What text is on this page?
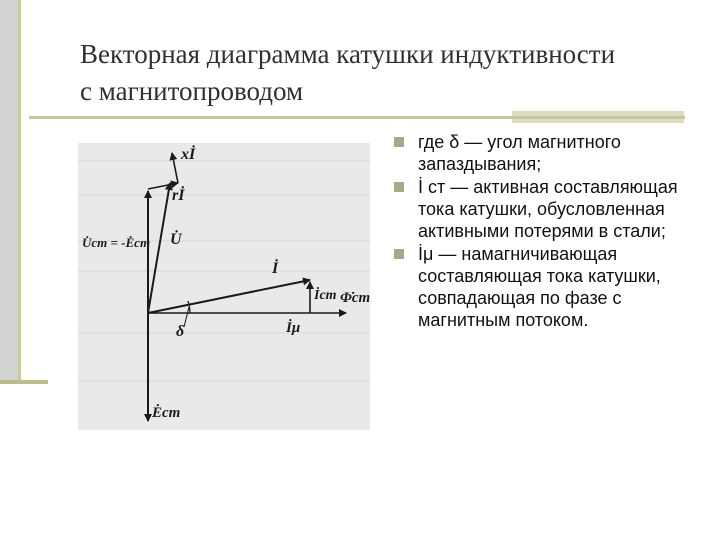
Векторная диаграмма катушки индуктивности
с магнитопроводом
xİ
rİ
U̇ст = -Ėст U̇
İ
İст Φ̇ст
δ	İμ
Ėст
где δ — угол магнитного запаздывания;
İ ст — активная составляющая тока катушки, обусловленная активными потерями в стали;
İμ — намагничивающая составляющая тока катушки, совпадающая по фазе с магнитным потоком.
